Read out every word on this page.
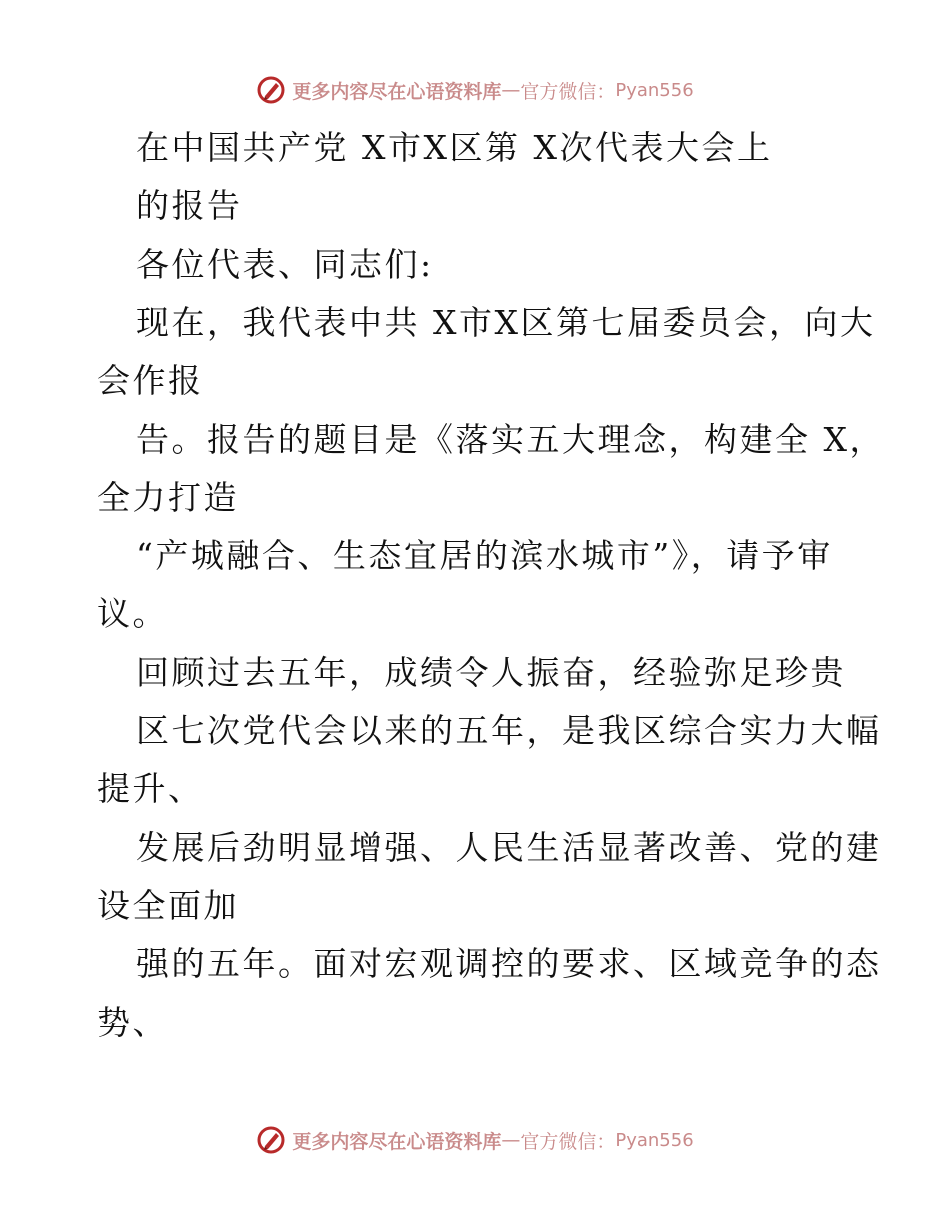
更多内容尽在心语资料库 — 官方微信： Pyan556
在中国共产党 X市X区第 X次代表大会上
的报告
各位代表、同志们:
现在，我代表中共 X市X区第七届委员会，向大
会作报
告。报告的题目是《落实五大理念，构建全 X，
全力打造
“产城融合、生态宜居的滨水城市”》，请予审
议。
回顾过去五年，成绩令人振奋，经验弥足珍贵
区七次党代会以来的五年，是我区综合实力大幅
提升、
发展后劲明显增强、人民生活显著改善、党的建
设全面加
强的五年。面对宏观调控的要求、区域竞争的态
势、
更多内容尽在心语资料库 — 官方微信： Pyan556
